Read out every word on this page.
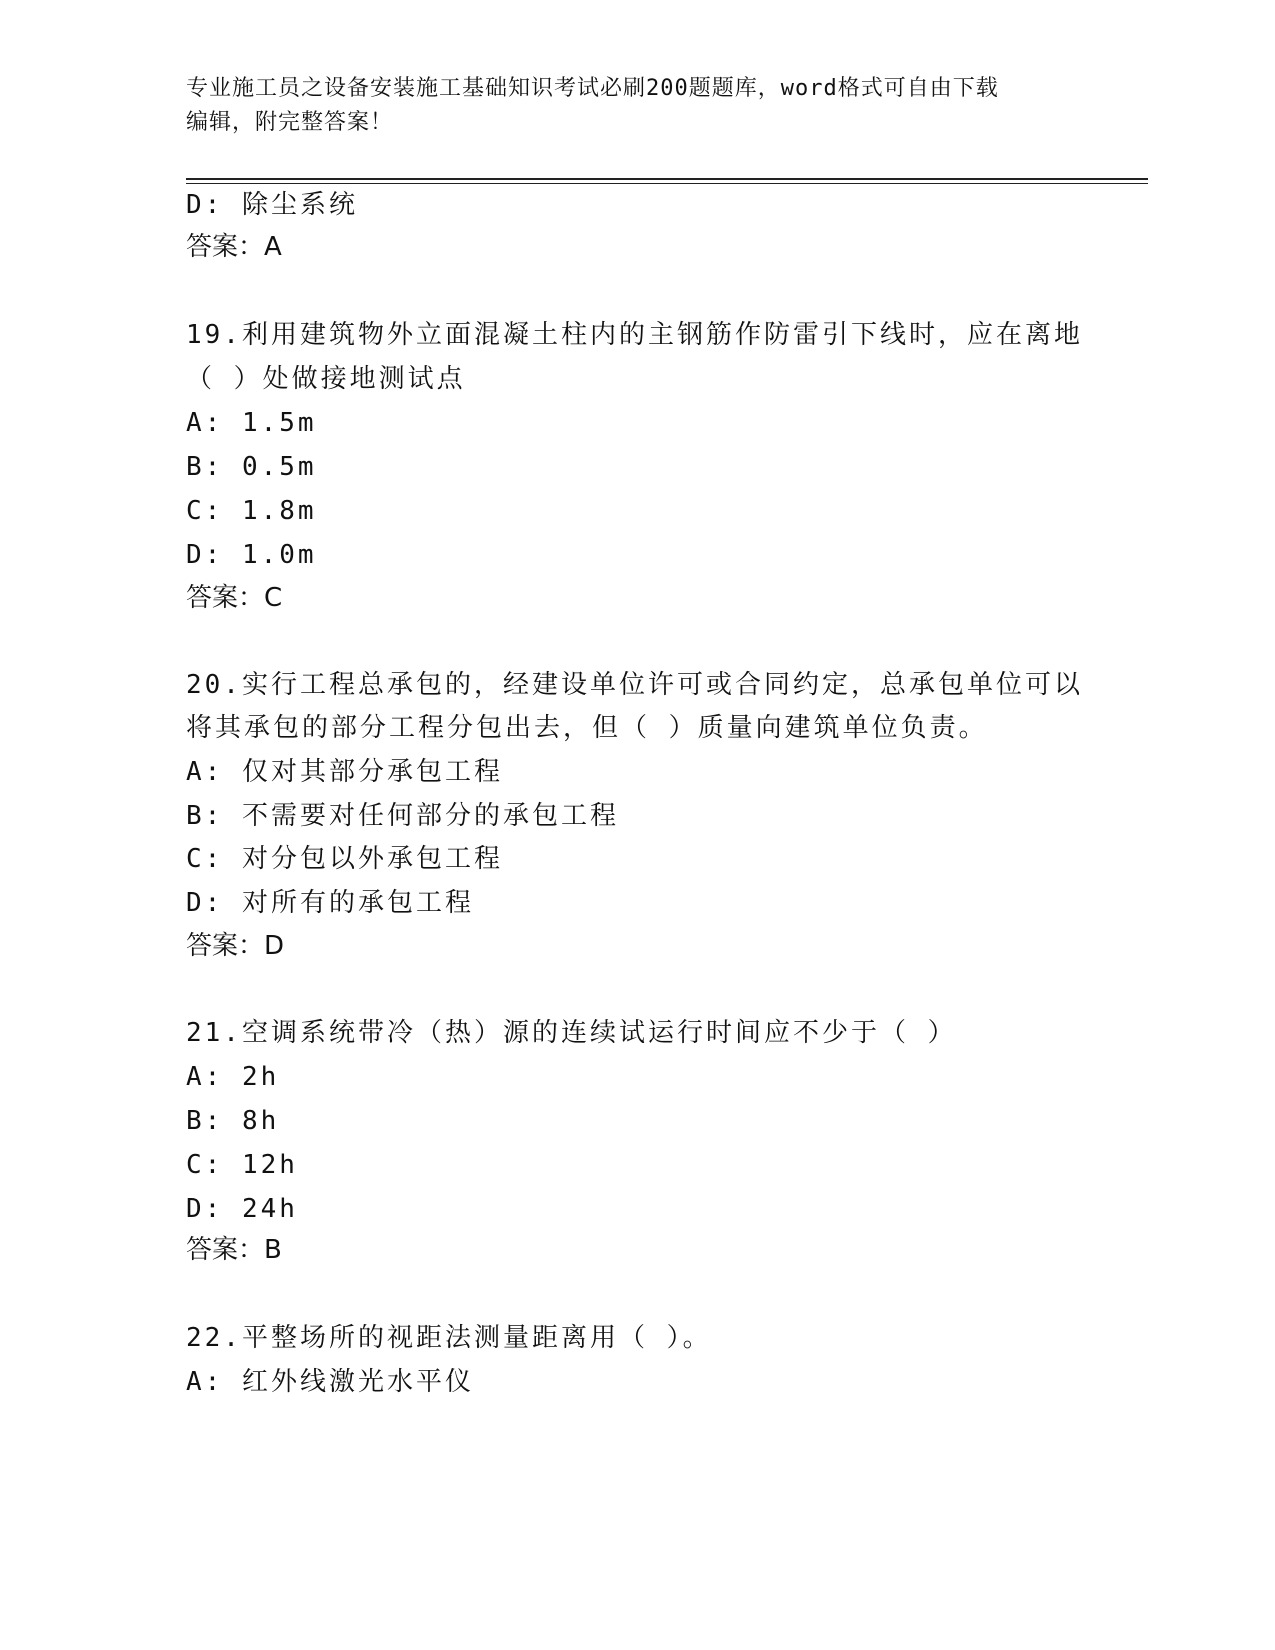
专业施工员之设备安装施工基础知识考试必刷200题题库，word格式可自由下载
编辑，附完整答案！
D: 除尘系统
答案：A
19.利用建筑物外立面混凝土柱内的主钢筋作防雷引下线时，应在离地
（ ）处做接地测试点
A: 1.5m
B: 0.5m
C: 1.8m
D: 1.0m
答案：C
20.实行工程总承包的，经建设单位许可或合同约定，总承包单位可以
将其承包的部分工程分包出去，但（ ）质量向建筑单位负责。
A: 仅对其部分承包工程
B: 不需要对任何部分的承包工程
C: 对分包以外承包工程
D: 对所有的承包工程
答案：D
21.空调系统带冷（热）源的连续试运行时间应不少于（ ）
A: 2h
B: 8h
C: 12h
D: 24h
答案：B
22.平整场所的视距法测量距离用（ ）。
A: 红外线激光水平仪
